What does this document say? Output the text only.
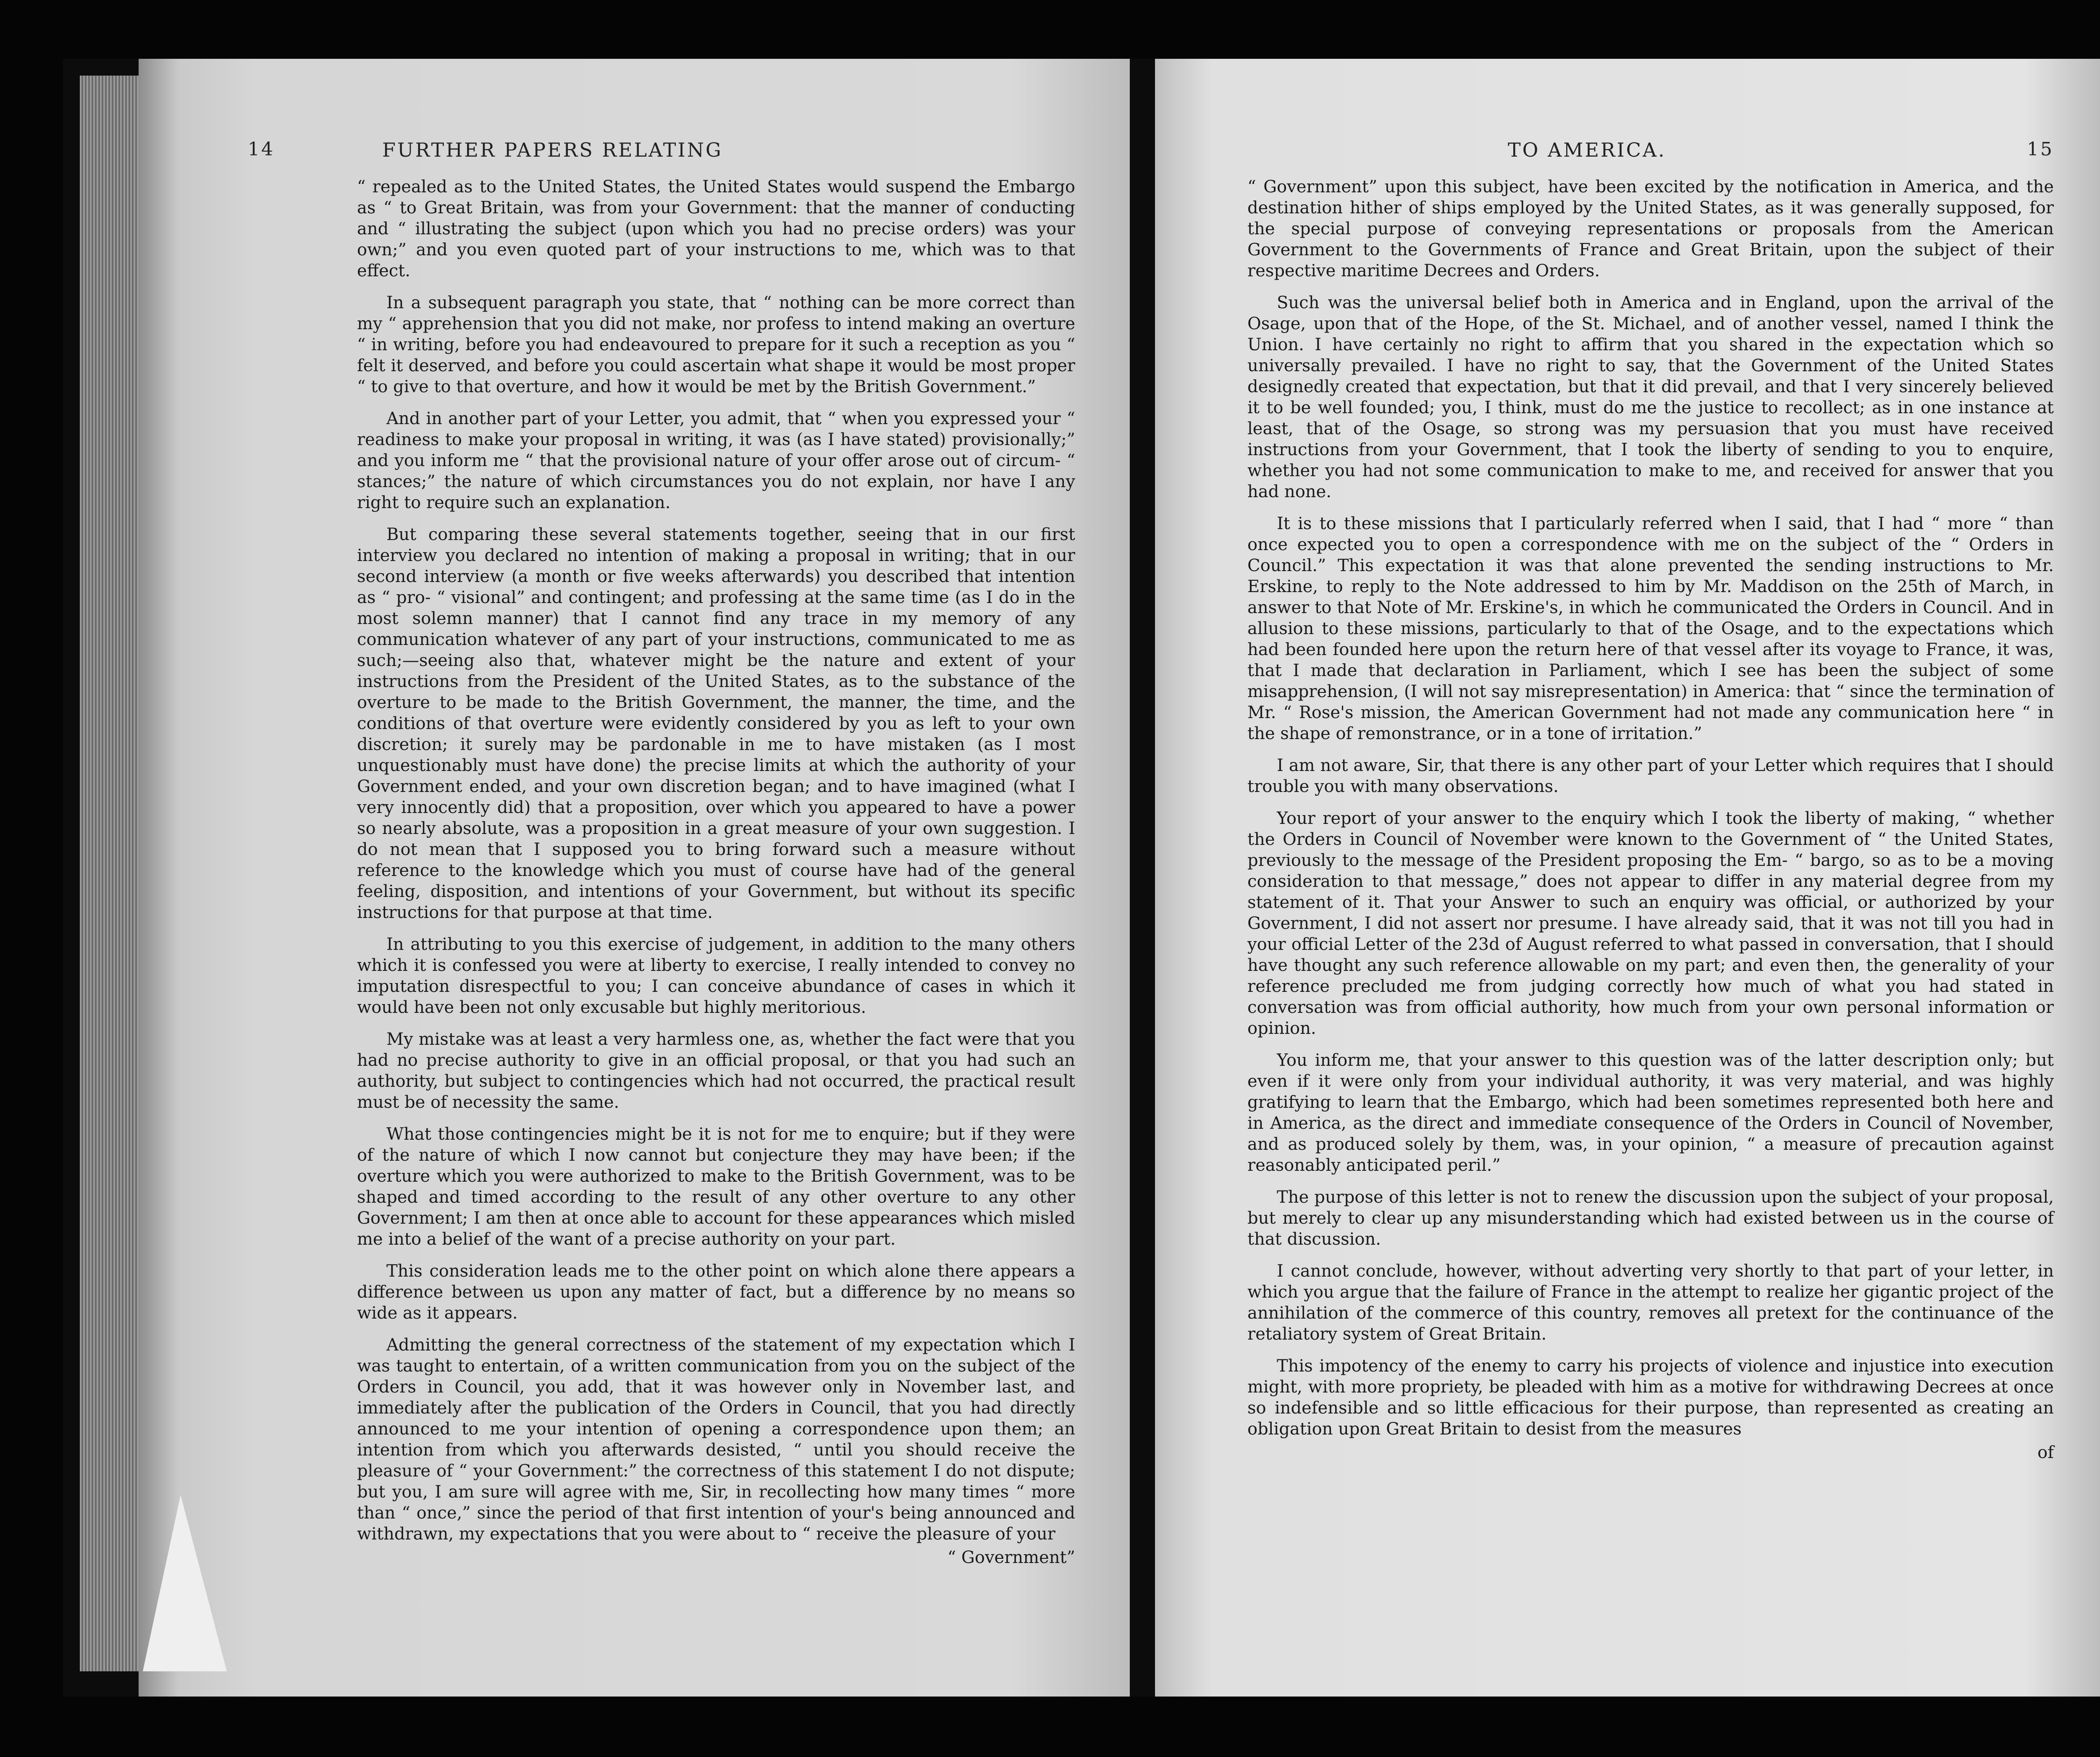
14	FURTHER PAPERS RELATING

“ repealed as to the United States, the United States would suspend the Embargo as “ to Great Britain, was from your Government: that the manner of conducting and “ illustrating the subject (upon which you had no precise orders) was your own;” and you even quoted part of your instructions to me, which was to that effect.

In a subsequent paragraph you state, that “ nothing can be more correct than my “ apprehension that you did not make, nor profess to intend making an overture “ in writing, before you had endeavoured to prepare for it such a reception as you “ felt it deserved, and before you could ascertain what shape it would be most proper “ to give to that overture, and how it would be met by the British Government.”

And in another part of your Letter, you admit, that “ when you expressed your “ readiness to make your proposal in writing, it was (as I have stated) provisionally;” and you inform me “ that the provisional nature of your offer arose out of circum- “ stances;” the nature of which circumstances you do not explain, nor have I any right to require such an explanation.

But comparing these several statements together, seeing that in our first interview you declared no intention of making a proposal in writing; that in our second interview (a month or five weeks afterwards) you described that intention as “ pro- “ visional” and contingent; and professing at the same time (as I do in the most solemn manner) that I cannot find any trace in my memory of any communication whatever of any part of your instructions, communicated to me as such;—seeing also that, whatever might be the nature and extent of your instructions from the President of the United States, as to the substance of the overture to be made to the British Government, the manner, the time, and the conditions of that overture were evidently considered by you as left to your own discretion; it surely may be pardonable in me to have mistaken (as I most unquestionably must have done) the precise limits at which the authority of your Government ended, and your own discretion began; and to have imagined (what I very innocently did) that a proposition, over which you appeared to have a power so nearly absolute, was a proposition in a great measure of your own suggestion. I do not mean that I supposed you to bring forward such a measure without reference to the knowledge which you must of course have had of the general feeling, disposition, and intentions of your Government, but without its specific instructions for that purpose at that time.

In attributing to you this exercise of judgement, in addition to the many others which it is confessed you were at liberty to exercise, I really intended to convey no imputation disrespectful to you; I can conceive abundance of cases in which it would have been not only excusable but highly meritorious.

My mistake was at least a very harmless one, as, whether the fact were that you had no precise authority to give in an official proposal, or that you had such an authority, but subject to contingencies which had not occurred, the practical result must be of necessity the same.

What those contingencies might be it is not for me to enquire; but if they were of the nature of which I now cannot but conjecture they may have been; if the overture which you were authorized to make to the British Government, was to be shaped and timed according to the result of any other overture to any other Government; I am then at once able to account for these appearances which misled me into a belief of the want of a precise authority on your part.

This consideration leads me to the other point on which alone there appears a difference between us upon any matter of fact, but a difference by no means so wide as it appears.

Admitting the general correctness of the statement of my expectation which I was taught to entertain, of a written communication from you on the subject of the Orders in Council, you add, that it was however only in November last, and immediately after the publication of the Orders in Council, that you had directly announced to me your intention of opening a correspondence upon them; an intention from which you afterwards desisted, “ until you should receive the pleasure of “ your Government:” the correctness of this statement I do not dispute; but you, I am sure will agree with me, Sir, in recollecting how many times “ more than “ once,” since the period of that first intention of your's being announced and withdrawn, my expectations that you were about to “ receive the pleasure of your

“ Government”
TO AMERICA.	15

“ Government” upon this subject, have been excited by the notification in America, and the destination hither of ships employed by the United States, as it was generally supposed, for the special purpose of conveying representations or proposals from the American Government to the Governments of France and Great Britain, upon the subject of their respective maritime Decrees and Orders.

Such was the universal belief both in America and in England, upon the arrival of the Osage, upon that of the Hope, of the St. Michael, and of another vessel, named I think the Union. I have certainly no right to affirm that you shared in the expectation which so universally prevailed. I have no right to say, that the Government of the United States designedly created that expectation, but that it did prevail, and that I very sincerely believed it to be well founded; you, I think, must do me the justice to recollect; as in one instance at least, that of the Osage, so strong was my persuasion that you must have received instructions from your Government, that I took the liberty of sending to you to enquire, whether you had not some communication to make to me, and received for answer that you had none.

It is to these missions that I particularly referred when I said, that I had “ more “ than once expected you to open a correspondence with me on the subject of the “ Orders in Council.” This expectation it was that alone prevented the sending instructions to Mr. Erskine, to reply to the Note addressed to him by Mr. Maddison on the 25th of March, in answer to that Note of Mr. Erskine's, in which he communicated the Orders in Council. And in allusion to these missions, particularly to that of the Osage, and to the expectations which had been founded here upon the return here of that vessel after its voyage to France, it was, that I made that declaration in Parliament, which I see has been the subject of some misapprehension, (I will not say misrepresentation) in America: that “ since the termination of Mr. “ Rose's mission, the American Government had not made any communication here “ in the shape of remonstrance, or in a tone of irritation.”

I am not aware, Sir, that there is any other part of your Letter which requires that I should trouble you with many observations.

Your report of your answer to the enquiry which I took the liberty of making, “ whether the Orders in Council of November were known to the Government of “ the United States, previously to the message of the President proposing the Em- “ bargo, so as to be a moving consideration to that message,” does not appear to differ in any material degree from my statement of it. That your Answer to such an enquiry was official, or authorized by your Government, I did not assert nor presume. I have already said, that it was not till you had in your official Letter of the 23d of August referred to what passed in conversation, that I should have thought any such reference allowable on my part; and even then, the generality of your reference precluded me from judging correctly how much of what you had stated in conversation was from official authority, how much from your own personal information or opinion.

You inform me, that your answer to this question was of the latter description only; but even if it were only from your individual authority, it was very material, and was highly gratifying to learn that the Embargo, which had been sometimes represented both here and in America, as the direct and immediate consequence of the Orders in Council of November, and as produced solely by them, was, in your opinion, “ a measure of precaution against reasonably anticipated peril.”

The purpose of this letter is not to renew the discussion upon the subject of your proposal, but merely to clear up any misunderstanding which had existed between us in the course of that discussion.

I cannot conclude, however, without adverting very shortly to that part of your letter, in which you argue that the failure of France in the attempt to realize her gigantic project of the annihilation of the commerce of this country, removes all pretext for the continuance of the retaliatory system of Great Britain.

This impotency of the enemy to carry his projects of violence and injustice into execution might, with more propriety, be pleaded with him as a motive for withdrawing Decrees at once so indefensible and so little efficacious for their purpose, than represented as creating an obligation upon Great Britain to desist from the measures

of
